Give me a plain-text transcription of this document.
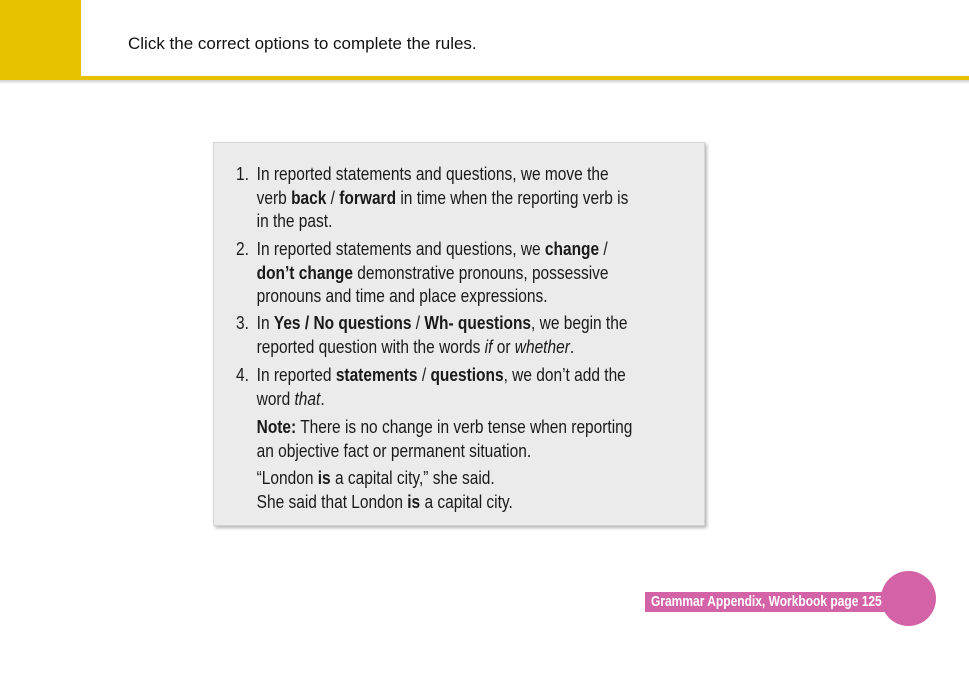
Click the correct options to complete the rules.
1. In reported statements and questions, we move the
verb back / forward in time when the reporting verb is
in the past.
2. In reported statements and questions, we change /
don’t change demonstrative pronouns, possessive
pronouns and time and place expressions.
3. In Yes / No questions / Wh- questions, we begin the
reported question with the words if or whether.
4. In reported statements / questions, we don’t add the
word that.
Note: There is no change in verb tense when reporting
an objective fact or permanent situation.
“London is a capital city,” she said.
She said that London is a capital city.
Grammar Appendix, Workbook page 125
